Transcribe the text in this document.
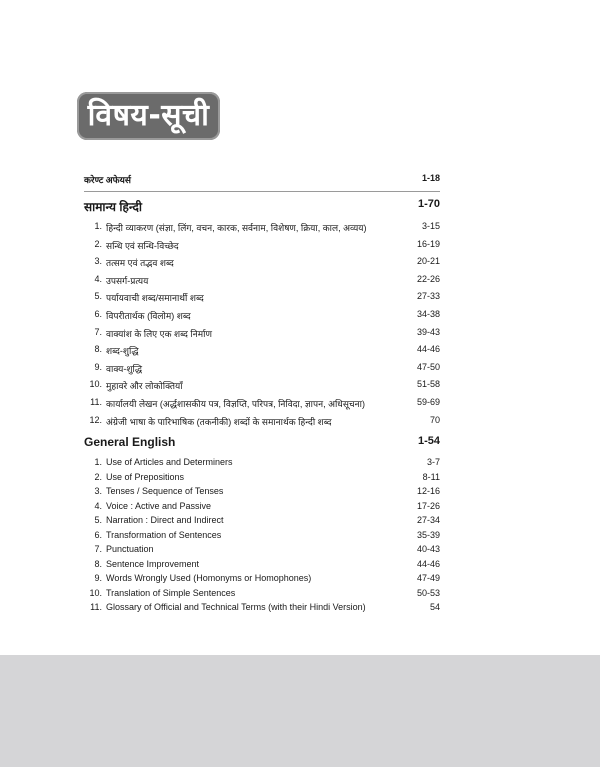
विषय-सूची
करेण्ट अफेयर्स	1-18
सामान्य हिन्दी	1-70
1. हिन्दी व्याकरण (संज्ञा, लिंग, वचन, कारक, सर्वनाम, विशेषण, क्रिया, काल, अव्यय)	3-15
2. सन्धि एवं सन्धि-विच्छेद	16-19
3. तत्सम एवं तद्भव शब्द	20-21
4. उपसर्ग-प्रत्यय	22-26
5. पर्यायवाची शब्द/समानार्थी शब्द	27-33
6. विपरीतार्थक (विलोम) शब्द	34-38
7. वाक्यांश के लिए एक शब्द निर्माण	39-43
8. शब्द-शुद्धि	44-46
9. वाक्य-शुद्धि	47-50
10. मुहावरे और लोकोक्तियाँ	51-58
11. कार्यालयी लेखन (अर्द्धशासकीय पत्र, विज्ञप्ति, परिपत्र, निविदा, ज्ञापन, अधिसूचना)	59-69
12. अंग्रेजी भाषा के पारिभाषिक (तकनीकी) शब्दों के समानार्थक हिन्दी शब्द	70
General English	1-54
1. Use of Articles and Determiners	3-7
2. Use of Prepositions	8-11
3. Tenses / Sequence of Tenses	12-16
4. Voice : Active and Passive	17-26
5. Narration : Direct and Indirect	27-34
6. Transformation of Sentences	35-39
7. Punctuation	40-43
8. Sentence Improvement	44-46
9. Words Wrongly Used (Homonyms or Homophones)	47-49
10. Translation of Simple Sentences	50-53
11. Glossary of Official and Technical Terms (with their Hindi Version)	54
